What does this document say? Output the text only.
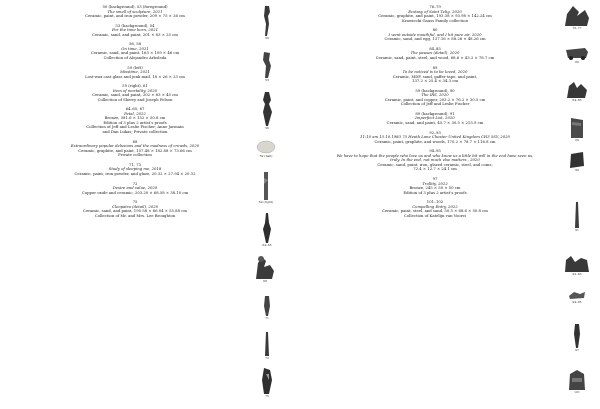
50 (background), 53 (foreground)

The smell of sculpture, 2021

Ceramic, paint, and iron powder, 209 × 75 × 26 cm

53 (background), 54

For the time born, 2021

Ceramic, sand, and paint, 201 × 83 × 25 cm

56, 58

On time, 2021

Ceramic, sand, and paint, 163 × 109 × 46 cm

Collection of Alejandro Arboleda

59 (left)

Misstime, 2021

Lost-wax cast glass and junk mail, 18 × 26 × 23 cm

59 (right), 61

Item of mortality, 2020

Ceramic, sand, and paint, 202 × 63 × 45 cm

Collection of Sherry and Joseph Felson

64–65, 67

Petal, 2022

Bronze, 381.6 × 152 × 50.8 cm

Edition of 3 plus 2 artist’s proofs

Collection of Jeff and Leslie Fischer; Anne Jarmain

and Dan Lukas; Private collection

68

Extraordinary popular delusions and the madness of crowds, 2020

Ceramic, graphite, and paint, 157.48 × 182.88 × 73.66 cm

Private collection

71, 73

Study of sleeping me, 2018

Ceramic, paint, iron powder, and glaze, 20.32 × 27.94 × 20.32

72

Desire and value, 2020

Copper oxide and ceramic, 203.20 × 68.58 × 38.10 cm

75

Cleopatra (detail), 2020

Ceramic, sand, and paint, 195.58 × 66.04 × 55.88 cm

Collection of Mr. and Mrs. Lee Broughton

76–79

Ecstasy of Saint Telig, 2020

Ceramic, graphite, and paint, 193.38 × 93.98 × 142.24 cm

Krawiecki Gauss Family collection

80

I went outside mouthful, and I hit pure air, 2020

Ceramic, sand, and egg, 137.16 × 88.26 × 48.26 cm

84–85

The pauses (detail), 2020

Ceramic, sand, paint, steel, and wood, 68.6 × 43.2 × 78.7 cm

89

To be noticed is to be loved, 2020

Ceramic, MDF, sand, gaffer tape, and paint,

137.2 × 25.4 × 34.3 cm

59 (background), 90

The IRS, 2020

Ceramic, paint, and copper, 203.2 × 76.2 × 30.5 cm

Collection of Jeff and Leslie Fischer

89 (background), 91

Imperfect List, 2020

Ceramic, sand, and paint, 45.7 × 30.5 × 215.9 cm

92–93

11:10 am 15.10.1983 75 Heath Lane Chester United Kingdom CH3 5SY, 2020

Ceramic, paint, graphite, and woods, 170.2 × 78.7 × 116.8 cm

94–95

We have to hope that the people who love us and who know us a little bit will in the end have seen us, truly. In the end, not much else matters., 2020

Ceramic, sand, paint, iron, glazed ceramic, steel, and coins,

72.4 × 12.7 × 24.1 cm

97

Trollity, 2022

Bronze, 245 × 50 × 50 cm

Edition of 3 plus 2 artist’s proofs

101–102

Compelling Entry, 2022

Ceramic, paint, steel, and sand, 50.5 × 68.6 × 50.8 cm

Collection of Katelijn van Voorst

50
53
56
59 (ball)
59 (right)
64–65
68
71
72
75
76–77
80
84–85
89
90
91
92–93
94–95
97
101
